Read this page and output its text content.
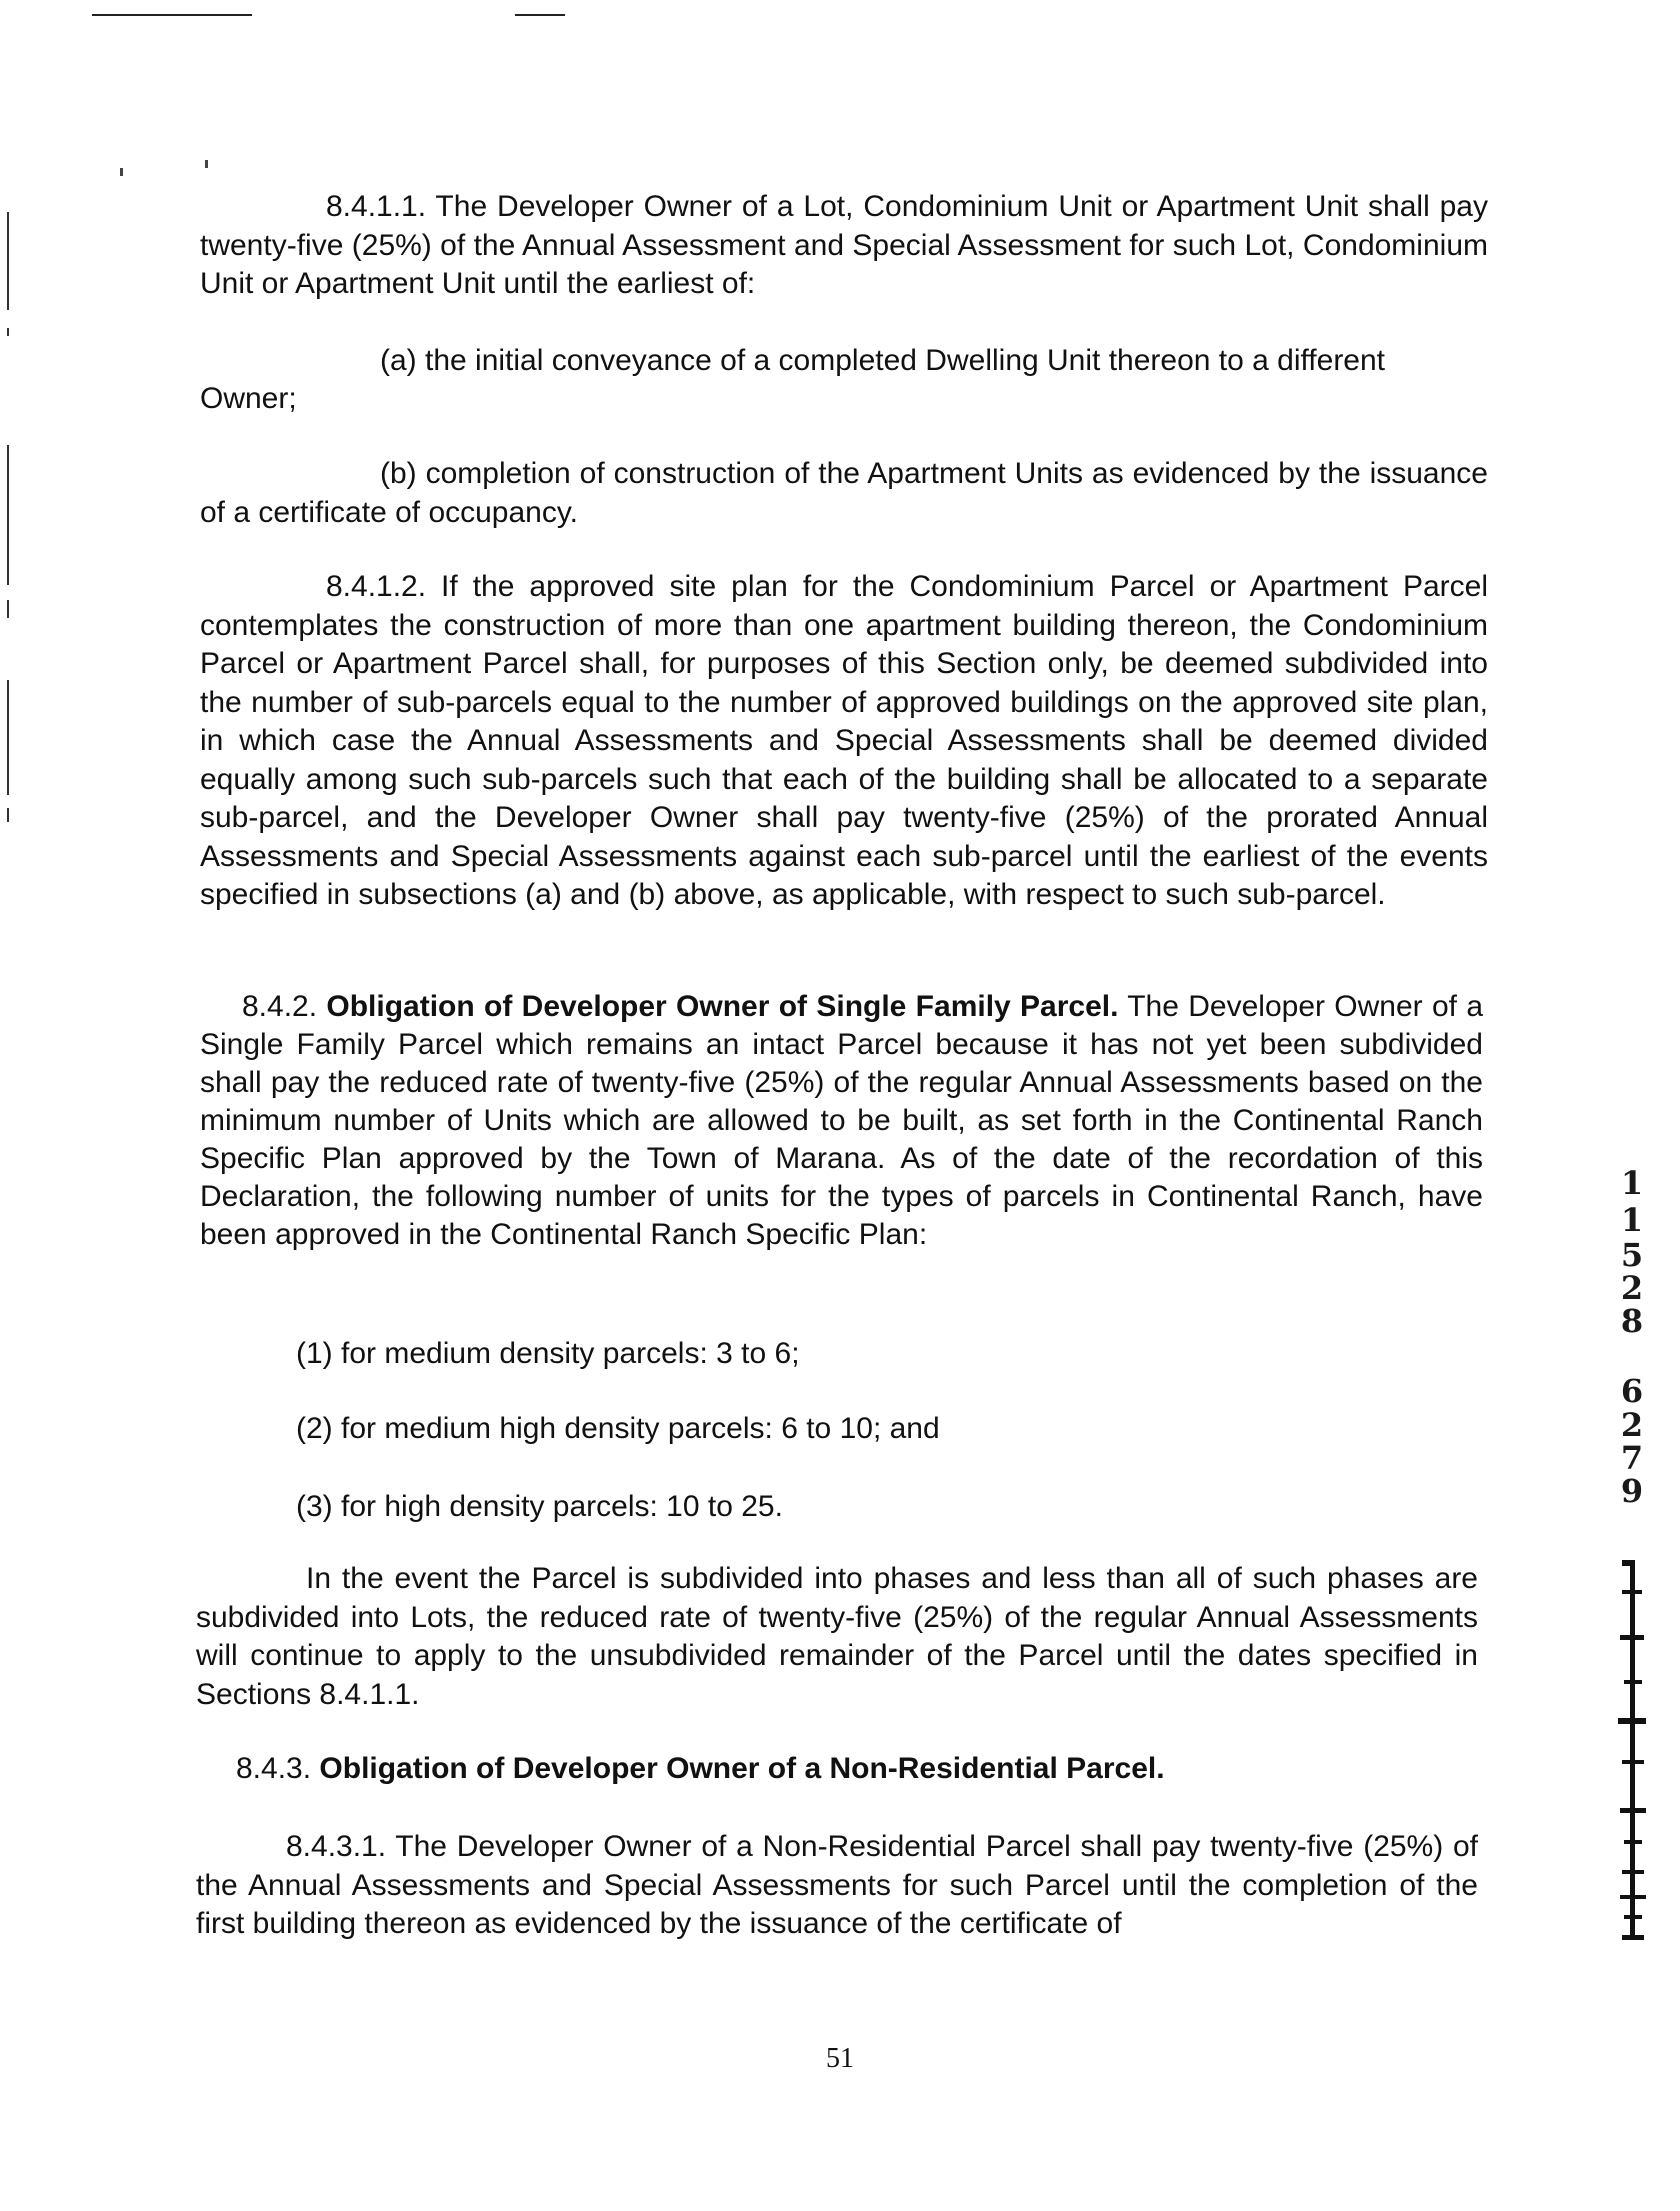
8.4.1.1. The Developer Owner of a Lot, Condominium Unit or Apartment Unit shall pay twenty-five (25%) of the Annual Assessment and Special Assessment for such Lot, Condominium Unit or Apartment Unit until the earliest of:

(a) the initial conveyance of a completed Dwelling Unit thereon to a different

Owner;

(b) completion of construction of the Apartment Units as evidenced by the issuance of a certificate of occupancy.

8.4.1.2. If the approved site plan for the Condominium Parcel or Apartment Parcel contemplates the construction of more than one apartment building thereon, the Condominium Parcel or Apartment Parcel shall, for purposes of this Section only, be deemed subdivided into the number of sub-parcels equal to the number of approved buildings on the approved site plan, in which case the Annual Assessments and Special Assessments shall be deemed divided equally among such sub-parcels such that each of the building shall be allocated to a separate sub-parcel, and the Developer Owner shall pay twenty-five (25%) of the prorated Annual Assessments and Special Assessments against each sub-parcel until the earliest of the events specified in subsections (a) and (b) above, as applicable, with respect to such sub-parcel.

8.4.2. Obligation of Developer Owner of Single Family Parcel. The Developer Owner of a Single Family Parcel which remains an intact Parcel because it has not yet been subdivided shall pay the reduced rate of twenty-five (25%) of the regular Annual Assessments based on the minimum number of Units which are allowed to be built, as set forth in the Continental Ranch Specific Plan approved by the Town of Marana. As of the date of the recordation of this Declaration, the following number of units for the types of parcels in Continental Ranch, have been approved in the Continental Ranch Specific Plan:

(1) for medium density parcels: 3 to 6;

(2) for medium high density parcels: 6 to 10; and

(3) for high density parcels: 10 to 25.

In the event the Parcel is subdivided into phases and less than all of such phases are subdivided into Lots, the reduced rate of twenty-five (25%) of the regular Annual Assessments will continue to apply to the unsubdivided remainder of the Parcel until the dates specified in Sections 8.4.1.1.

8.4.3. Obligation of Developer Owner of a Non-Residential Parcel.

8.4.3.1. The Developer Owner of a Non-Residential Parcel shall pay twenty-five (25%) of the Annual Assessments and Special Assessments for such Parcel until the completion of the first building thereon as evidenced by the issuance of the certificate of

1
1
5
2
8
6
2
7
9
51
